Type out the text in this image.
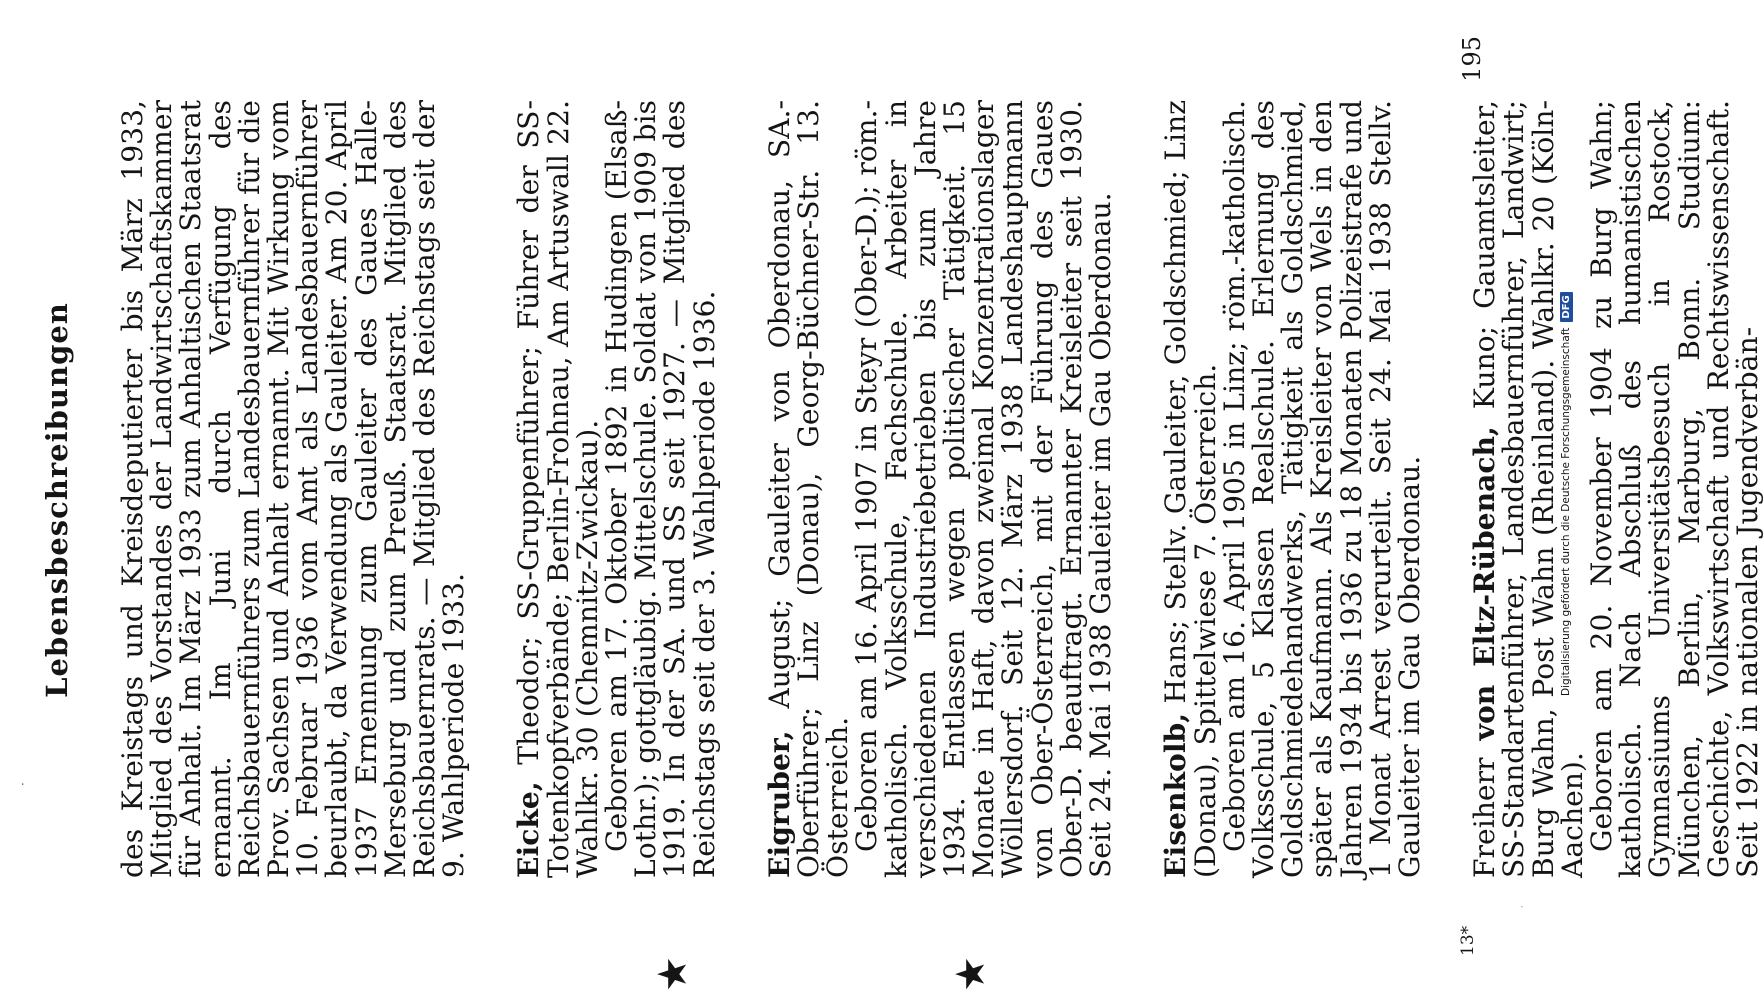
·
Lebensbeschreibungen
★	★

des Kreistags und Kreisdeputierter bis März 1933, Mitglied des Vorstandes der Landwirtschaftskammer für Anhalt. Im März 1933 zum Anhaltischen Staatsrat ernannt. Im Juni durch Verfügung des Reichsbauernführers zum Landesbauernführer für die Prov. Sachsen und Anhalt ernannt. Mit Wirkung vom 10. Februar 1936 vom Amt als Landesbauernführer beurlaubt, da Verwendung als Gauleiter. Am 20. April 1937 Ernennung zum Gauleiter des Gaues Halle-Merseburg und zum Preuß. Staatsrat. Mitglied des Reichsbauernrats. — Mitglied des Reichstags seit der 9. Wahlperiode 1933. Eicke, Theodor; SS-Gruppenführer; Führer der SS-Totenkopfverbände; Berlin-Frohnau, Am Artuswall 22. Wahlkr. 30 (Chemnitz-Zwickau).

Geboren am 17. Oktober 1892 in Hudingen (Elsaß-Lothr.); gottgläubig. Mittelschule. Soldat von 1909 bis 1919. In der SA. und SS seit 1927. — Mitglied des Reichstags seit der 3. Wahlperiode 1936. Eigruber, August; Gauleiter von Oberdonau, SA.-Oberführer; Linz (Donau), Georg-Büchner-Str. 13. Österreich.

Geboren am 16. April 1907 in Steyr (Ober-D.); röm.-katholisch. Volksschule, Fachschule. Arbeiter in verschiedenen Industriebetrieben bis zum Jahre 1934. Entlassen wegen politischer Tätigkeit. 15 Monate in Haft, davon zweimal Konzentrationslager Wöllersdorf. Seit 12. März 1938 Landeshauptmann von Ober-Österreich, mit der Führung des Gaues Ober-D. beauftragt. Ernannter Kreisleiter seit 1930. Seit 24. Mai 1938 Gauleiter im Gau Oberdonau. Eisenkolb, Hans; Stellv. Gauleiter, Goldschmied; Linz (Donau), Spittelwiese 7. Österreich.

Geboren am 16. April 1905 in Linz; röm.-katholisch. Volksschule, 5 Klassen Realschule. Erlernung des Goldschmiedehandwerks, Tätigkeit als Goldschmied, später als Kaufmann. Als Kreisleiter von Wels in den Jahren 1934 bis 1936 zu 18 Monaten Polizeistrafe und 1 Monat Arrest verurteilt. Seit 24. Mai 1938 Stellv. Gauleiter im Gau Oberdonau. Freiherr von Eltz-Rübenach, Kuno; Gauamtsleiter, SS-Standartenführer, Landesbauernführer, Landwirt; Burg Wahn, Post Wahn (Rheinland). Wahlkr. 20 (Köln-Aachen).

Geboren am 20. November 1904 zu Burg Wahn; katholisch. Nach Abschluß des humanistischen Gymnasiums Universitätsbesuch in Rostock, München, Berlin, Marburg, Bonn. Studium: Geschichte, Volkswirtschaft und Rechtswissenschaft. Seit 1922 in nationalen Jugendverbän-

13*
195
·
Digitalisierung gefördert durch die Deutsche Forschungsgemeinschaft
DFG
